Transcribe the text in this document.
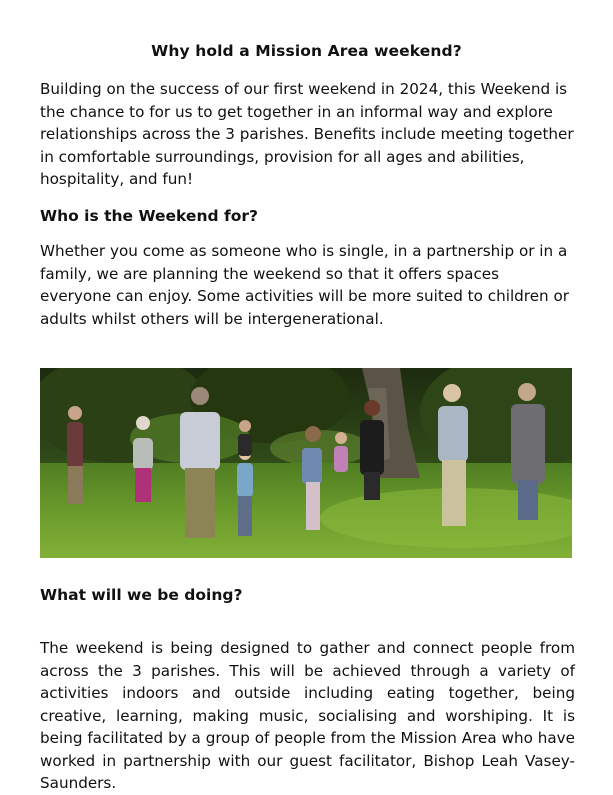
Why hold a Mission Area weekend?

Building on the success of our first weekend in 2024, this Weekend is the chance to for us to get together in an informal way and explore relationships across the 3 parishes. Benefits include meeting together in comfortable surroundings, provision for all ages and abilities, hospitality, and fun!

Who is the Weekend for?

Whether you come as someone who is single, in a partnership or in a family, we are planning the weekend so that it offers spaces everyone can enjoy. Some activities will be more suited to children or adults whilst others will be intergenerational.

What will we be doing?

The weekend is being designed to gather and connect people from across the 3 parishes. This will be achieved through a variety of activities indoors and outside including eating together, being creative, learning, making music, socialising and worshiping. It is being facilitated by a group of people from the Mission Area who have worked in partnership with our guest facilitator, Bishop Leah Vasey-Saunders.
